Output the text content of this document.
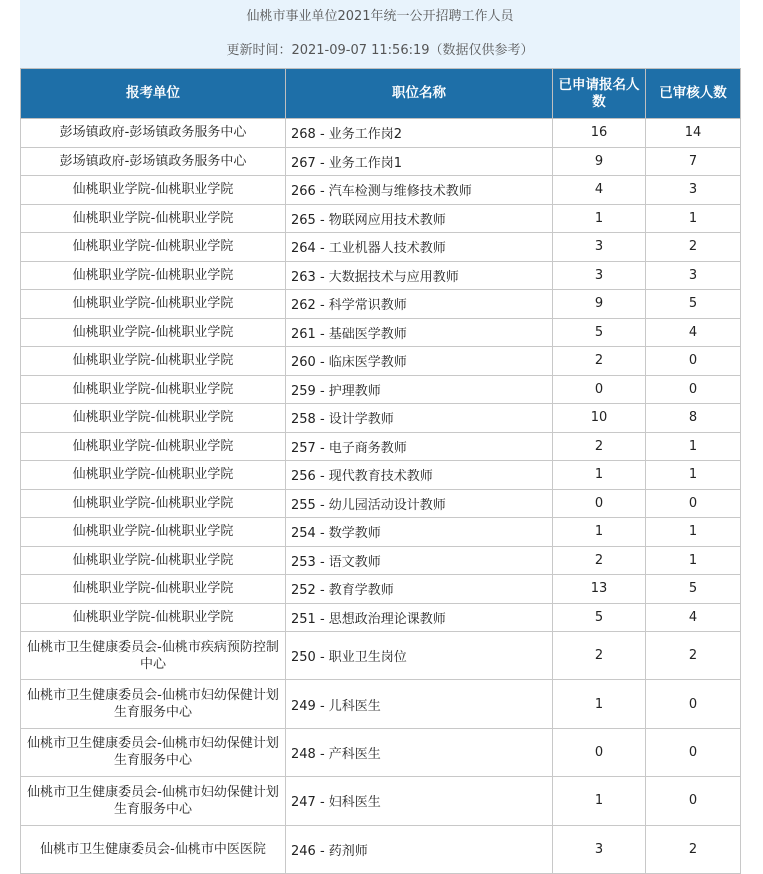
仙桃市事业单位2021年统一公开招聘工作人员
更新时间：2021-09-07 11:56:19（数据仅供参考）
报考单位	职位名称	已申请报名人数	已审核人数
彭场镇政府-彭场镇政务服务中心	268 - 业务工作岗2	16	14
彭场镇政府-彭场镇政务服务中心	267 - 业务工作岗1	9	7
仙桃职业学院-仙桃职业学院	266 - 汽车检测与维修技术教师	4	3
仙桃职业学院-仙桃职业学院	265 - 物联网应用技术教师	1	1
仙桃职业学院-仙桃职业学院	264 - 工业机器人技术教师	3	2
仙桃职业学院-仙桃职业学院	263 - 大数据技术与应用教师	3	3
仙桃职业学院-仙桃职业学院	262 - 科学常识教师	9	5
仙桃职业学院-仙桃职业学院	261 - 基础医学教师	5	4
仙桃职业学院-仙桃职业学院	260 - 临床医学教师	2	0
仙桃职业学院-仙桃职业学院	259 - 护理教师	0	0
仙桃职业学院-仙桃职业学院	258 - 设计学教师	10	8
仙桃职业学院-仙桃职业学院	257 - 电子商务教师	2	1
仙桃职业学院-仙桃职业学院	256 - 现代教育技术教师	1	1
仙桃职业学院-仙桃职业学院	255 - 幼儿园活动设计教师	0	0
仙桃职业学院-仙桃职业学院	254 - 数学教师	1	1
仙桃职业学院-仙桃职业学院	253 - 语文教师	2	1
仙桃职业学院-仙桃职业学院	252 - 教育学教师	13	5
仙桃职业学院-仙桃职业学院	251 - 思想政治理论课教师	5	4
仙桃市卫生健康委员会-仙桃市疾病预防控制中心	250 - 职业卫生岗位	2	2
仙桃市卫生健康委员会-仙桃市妇幼保健计划生育服务中心	249 - 儿科医生	1	0
仙桃市卫生健康委员会-仙桃市妇幼保健计划生育服务中心	248 - 产科医生	0	0
仙桃市卫生健康委员会-仙桃市妇幼保健计划生育服务中心	247 - 妇科医生	1	0
仙桃市卫生健康委员会-仙桃市中医医院	246 - 药剂师	3	2
